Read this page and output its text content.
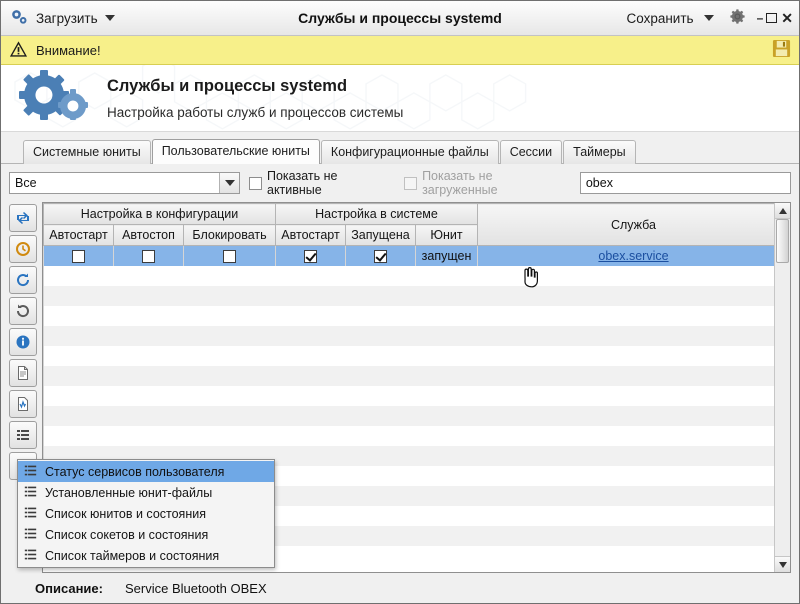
Загрузить	Службы и процессы systemd	Сохранить	– ✕
Внимание!
Службы и процессы systemd
Настройка работы служб и процессов системы
Системные юниты	Пользовательские юниты	Конфигурационные файлы	Сессии	Таймеры
Все	Показать не активные
Показать не загруженные	obex
Настройка в конфигурации			Настройка в системе			Служба
Автостарт	Автостоп	Блокировать	Автостарт	Запущена	Юнит	
					запущен	obex.service

Статус сервисов пользователя
Установленные юнит-файлы
Список юнитов и состояния
Список сокетов и состояния
Список таймеров и состояния
Описание: Service Bluetooth OBEX
